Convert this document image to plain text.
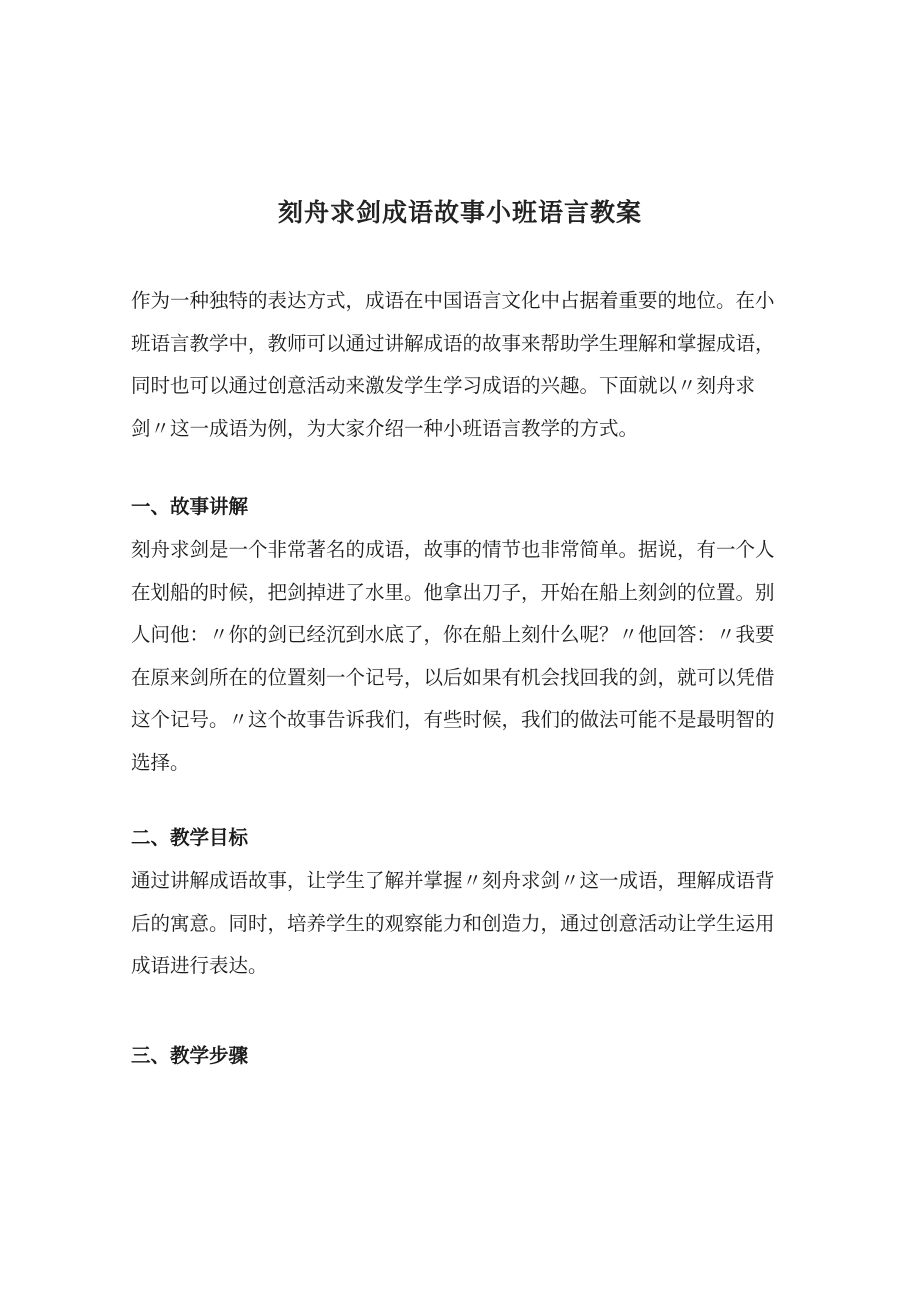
刻舟求剑成语故事小班语言教案

作为一种独特的表达方式，成语在中国语言文化中占据着重要的地位。在小
班语言教学中，教师可以通过讲解成语的故事来帮助学生理解和掌握成语，
同时也可以通过创意活动来激发学生学习成语的兴趣。下面就以〃刻舟求
剑〃这一成语为例，为大家介绍一种小班语言教学的方式。

一、故事讲解

刻舟求剑是一个非常著名的成语，故事的情节也非常简单。据说，有一个人
在划船的时候，把剑掉进了水里。他拿出刀子，开始在船上刻剑的位置。别
人问他：〃你的剑已经沉到水底了，你在船上刻什么呢？〃他回答：〃我要
在原来剑所在的位置刻一个记号，以后如果有机会找回我的剑，就可以凭借
这个记号。〃这个故事告诉我们，有些时候，我们的做法可能不是最明智的
选择。

二、教学目标

通过讲解成语故事，让学生了解并掌握〃刻舟求剑〃这一成语，理解成语背
后的寓意。同时，培养学生的观察能力和创造力，通过创意活动让学生运用
成语进行表达。

三、教学步骤
